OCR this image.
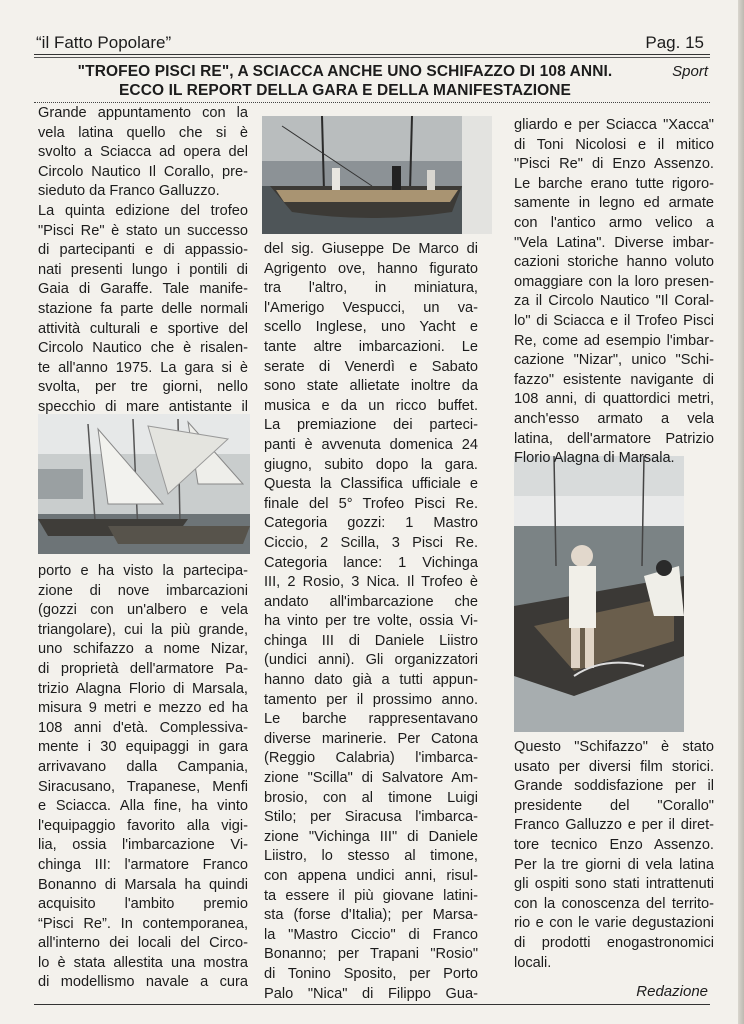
“il Fatto Popolare”	Pag. 15
"TROFEO PISCI RE", A SCIACCA ANCHE UNO SCHIFAZZO DI 108 ANNI.
ECCO IL REPORT DELLA GARA E DELLA MANIFESTAZIONE
Sport
Grande appuntamento con la
vela latina quello che si è
svolto a Sciacca ad opera del
Circolo Nautico Il Corallo, pre-
sieduto da Franco Galluzzo.
La quinta edizione del trofeo
"Pisci Re" è stato un successo
di partecipanti e di appassio-
nati presenti lungo i pontili di
Gaia di Garaffe. Tale manife-
stazione fa parte delle normali
attività culturali e sportive del
Circolo Nautico che è risalen-
te all'anno 1975. La gara si è
svolta, per tre giorni, nello
specchio di mare antistante il
porto e ha visto la partecipa-
zione di nove imbarcazioni
(gozzi con un'albero e vela
triangolare), cui la più grande,
uno schifazzo a nome Nizar,
di proprietà dell'armatore Pa-
trizio Alagna Florio di Marsala,
misura 9 metri e mezzo ed ha
108 anni d'età. Complessiva-
mente i 30 equipaggi in gara
arrivavano dalla Campania,
Siracusano, Trapanese, Menfi
e Sciacca. Alla fine, ha vinto
l'equipaggio favorito alla vigi-
lia, ossia l'imbarcazione Vi-
chinga III: l'armatore Franco
Bonanno di Marsala ha quindi
acquisito l'ambito premio
“Pisci Re”. In contemporanea,
all'interno dei locali del Circo-
lo è stata allestita una mostra
di modellismo navale a cura
del sig. Giuseppe De Marco di
Agrigento ove, hanno figurato
tra l'altro, in miniatura,
l'Amerigo Vespucci, un va-
scello Inglese, uno Yacht e
tante altre imbarcazioni. Le
serate di Venerdì e Sabato
sono state allietate inoltre da
musica e da un ricco buffet.
La premiazione dei parteci-
panti è avvenuta domenica 24
giugno, subito dopo la gara.
Questa la Classifica ufficiale e
finale del 5° Trofeo Pisci Re.
Categoria gozzi: 1 Mastro
Ciccio, 2 Scilla, 3 Pisci Re.
Categoria lance: 1 Vichinga
III, 2 Rosio, 3 Nica. Il Trofeo è
andato all'imbarcazione che
ha vinto per tre volte, ossia Vi-
chinga III di Daniele Liistro
(undici anni). Gli organizzatori
hanno dato già a tutti appun-
tamento per il prossimo anno.
Le barche rappresentavano
diverse marinerie. Per Catona
(Reggio Calabria) l'imbarca-
zione "Scilla" di Salvatore Am-
brosio, con al timone Luigi
Stilo; per Siracusa l'imbarca-
zione "Vichinga III" di Daniele
Liistro, lo stesso al timone,
con appena undici anni, risul-
ta essere il più giovane latini-
sta (forse d'Italia); per Marsa-
la "Mastro Ciccio" di Franco
Bonanno; per Trapani "Rosio"
di Tonino Sposito, per Porto
Palo "Nica" di Filippo Gua-
gliardo e per Sciacca "Xacca"
di Toni Nicolosi e il mitico
"Pisci Re" di Enzo Assenzo.
Le barche erano tutte rigoro-
samente in legno ed armate
con l'antico armo velico a
"Vela Latina". Diverse imbar-
cazioni storiche hanno voluto
omaggiare con la loro presen-
za il Circolo Nautico "Il Coral-
lo" di Sciacca e il Trofeo Pisci
Re, come ad esempio l'imbar-
cazione "Nizar", unico "Schi-
fazzo" esistente navigante di
108 anni, di quattordici metri,
anch'esso armato a vela
latina, dell'armatore Patrizio
Florio Alagna di Marsala.
Questo "Schifazzo" è stato
usato per diversi film storici.
Grande soddisfazione per il
presidente del "Corallo"
Franco Galluzzo e per il diret-
tore tecnico Enzo Assenzo.
Per la tre giorni di vela latina
gli ospiti sono stati intrattenuti
con la conoscenza del territo-
rio e con le varie degustazioni
di prodotti enogastronomici
locali.
Redazione
